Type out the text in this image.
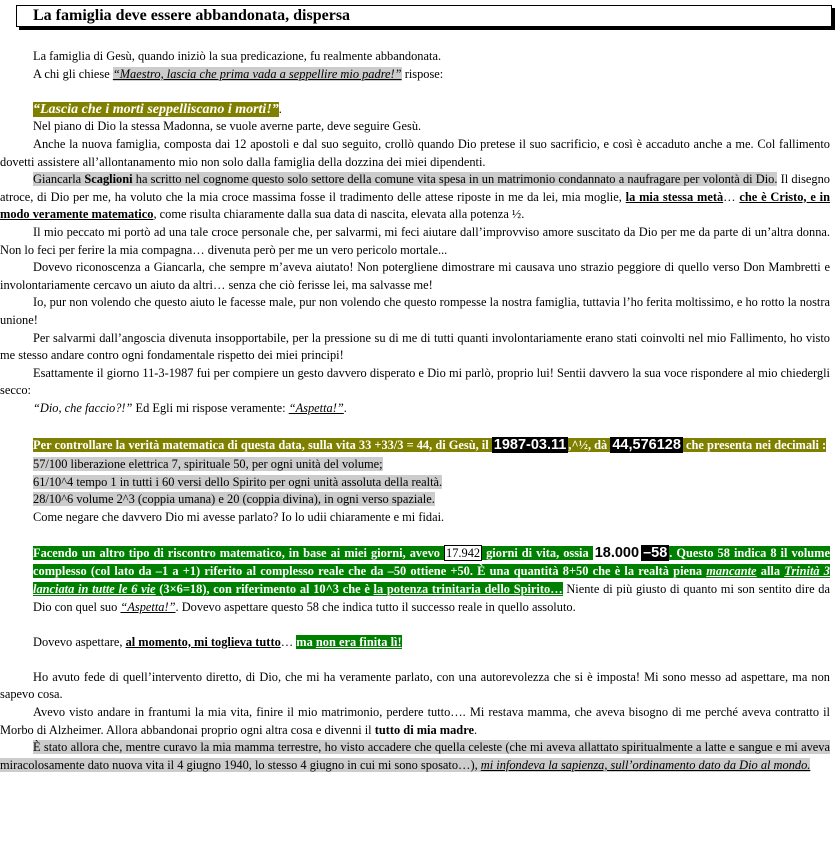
La famiglia deve essere abbandonata, dispersa

La famiglia di Gesù, quando iniziò la sua predicazione, fu realmente abbandonata.

A chi gli chiese “Maestro, lascia che prima vada a seppellire mio padre!” rispose:

“Lascia che i morti seppelliscano i morti!”.

Nel piano di Dio la stessa Madonna, se vuole averne parte, deve seguire Gesù.

Anche la nuova famiglia, composta dai 12 apostoli e dal suo seguito, crollò quando Dio pretese il suo sacrificio, e così è accaduto anche a me. Col fallimento dovetti assistere all’allontanamento mio non solo dalla famiglia della dozzina dei miei dipendenti.

Giancarla Scaglioni ha scritto nel cognome questo solo settore della comune vita spesa in un matrimonio condannato a naufragare per volontà di Dio. Il disegno atroce, di Dio per me, ha voluto che la mia croce massima fosse il tradimento delle attese riposte in me da lei, mia moglie, la mia stessa metà… che è Cristo, e in modo veramente matematico, come risulta chiaramente dalla sua data di nascita, elevata alla potenza ½.

Il mio peccato mi portò ad una tale croce personale che, per salvarmi, mi feci aiutare dall’improvviso amore suscitato da Dio per me da parte di un’altra donna. Non lo feci per ferire la mia compagna… divenuta però per me un vero pericolo mortale...

Dovevo riconoscenza a Giancarla, che sempre m’aveva aiutato! Non potergliene dimostrare mi causava uno strazio peggiore di quello verso Don Mambretti e involontariamente cercavo un aiuto da altri… senza che ciò ferisse lei, ma salvasse me!

Io, pur non volendo che questo aiuto le facesse male, pur non volendo che questo rompesse la nostra famiglia, tuttavia l’ho ferita moltissimo, e ho rotto la nostra unione!

Per salvarmi dall’angoscia divenuta insopportabile, per la pressione su di me di tutti quanti involontariamente erano stati coinvolti nel mio Fallimento, ho visto me stesso andare contro ogni fondamentale rispetto dei miei principi!

Esattamente il giorno 11-3-1987 fui per compiere un gesto davvero disperato e Dio mi parlò, proprio lui! Sentii davvero la sua voce rispondere al mio chiedergli secco:

“Dio, che faccio?!” Ed Egli mi rispose veramente: “Aspetta!”.

Per controllare la verità matematica di questa data, sulla vita 33 +33/3 = 44, di Gesù, il 1987-03.11 ,^½, dà 44,576128 che presenta nei decimali :

57/100 liberazione elettrica 7, spirituale 50, per ogni unità del volume;

61/10^4 tempo 1 in tutti i 60 versi dello Spirito per ogni unità assoluta della realtà.

28/10^6 volume 2^3 (coppia umana) e 20 (coppia divina), in ogni verso spaziale.

Come negare che davvero Dio mi avesse parlato? Io lo udii chiaramente e mi fidai.

Facendo un altro tipo di riscontro matematico, in base ai miei giorni, avevo 17.942 giorni di vita, ossia 18.000 –58 . Questo 58 indica 8 il volume complesso (col lato da –1 a +1) riferito al complesso reale che da –50 ottiene +50. È una quantità 8+50 che è la realtà piena mancante alla Trinità 3 lanciata in tutte le 6 vie (3×6=18), con riferimento al 10^3 che è la potenza trinitaria dello Spirito… Niente di più giusto di quanto mi son sentito dire da Dio con quel suo “Aspetta!”. Dovevo aspettare questo 58 che indica tutto il successo reale in quello assoluto.

Dovevo aspettare, al momento, mi toglieva tutto… ma non era finita lì!

Ho avuto fede di quell’intervento diretto, di Dio, che mi ha veramente parlato, con una autorevolezza che si è imposta! Mi sono messo ad aspettare, ma non sapevo cosa.

Avevo visto andare in frantumi la mia vita, finire il mio matrimonio, perdere tutto…. Mi restava mamma, che aveva bisogno di me perché aveva contratto il Morbo di Alzheimer. Allora abbandonai proprio ogni altra cosa e divenni il tutto di mia madre.

È stato allora che, mentre curavo la mia mamma terrestre, ho visto accadere che quella celeste (che mi aveva allattato spiritualmente a latte e sangue e mi aveva miracolosamente dato nuova vita il 4 giugno 1940, lo stesso 4 giugno in cui mi sono sposato…), mi infondeva la sapienza, sull’ordinamento dato da Dio al mondo.
